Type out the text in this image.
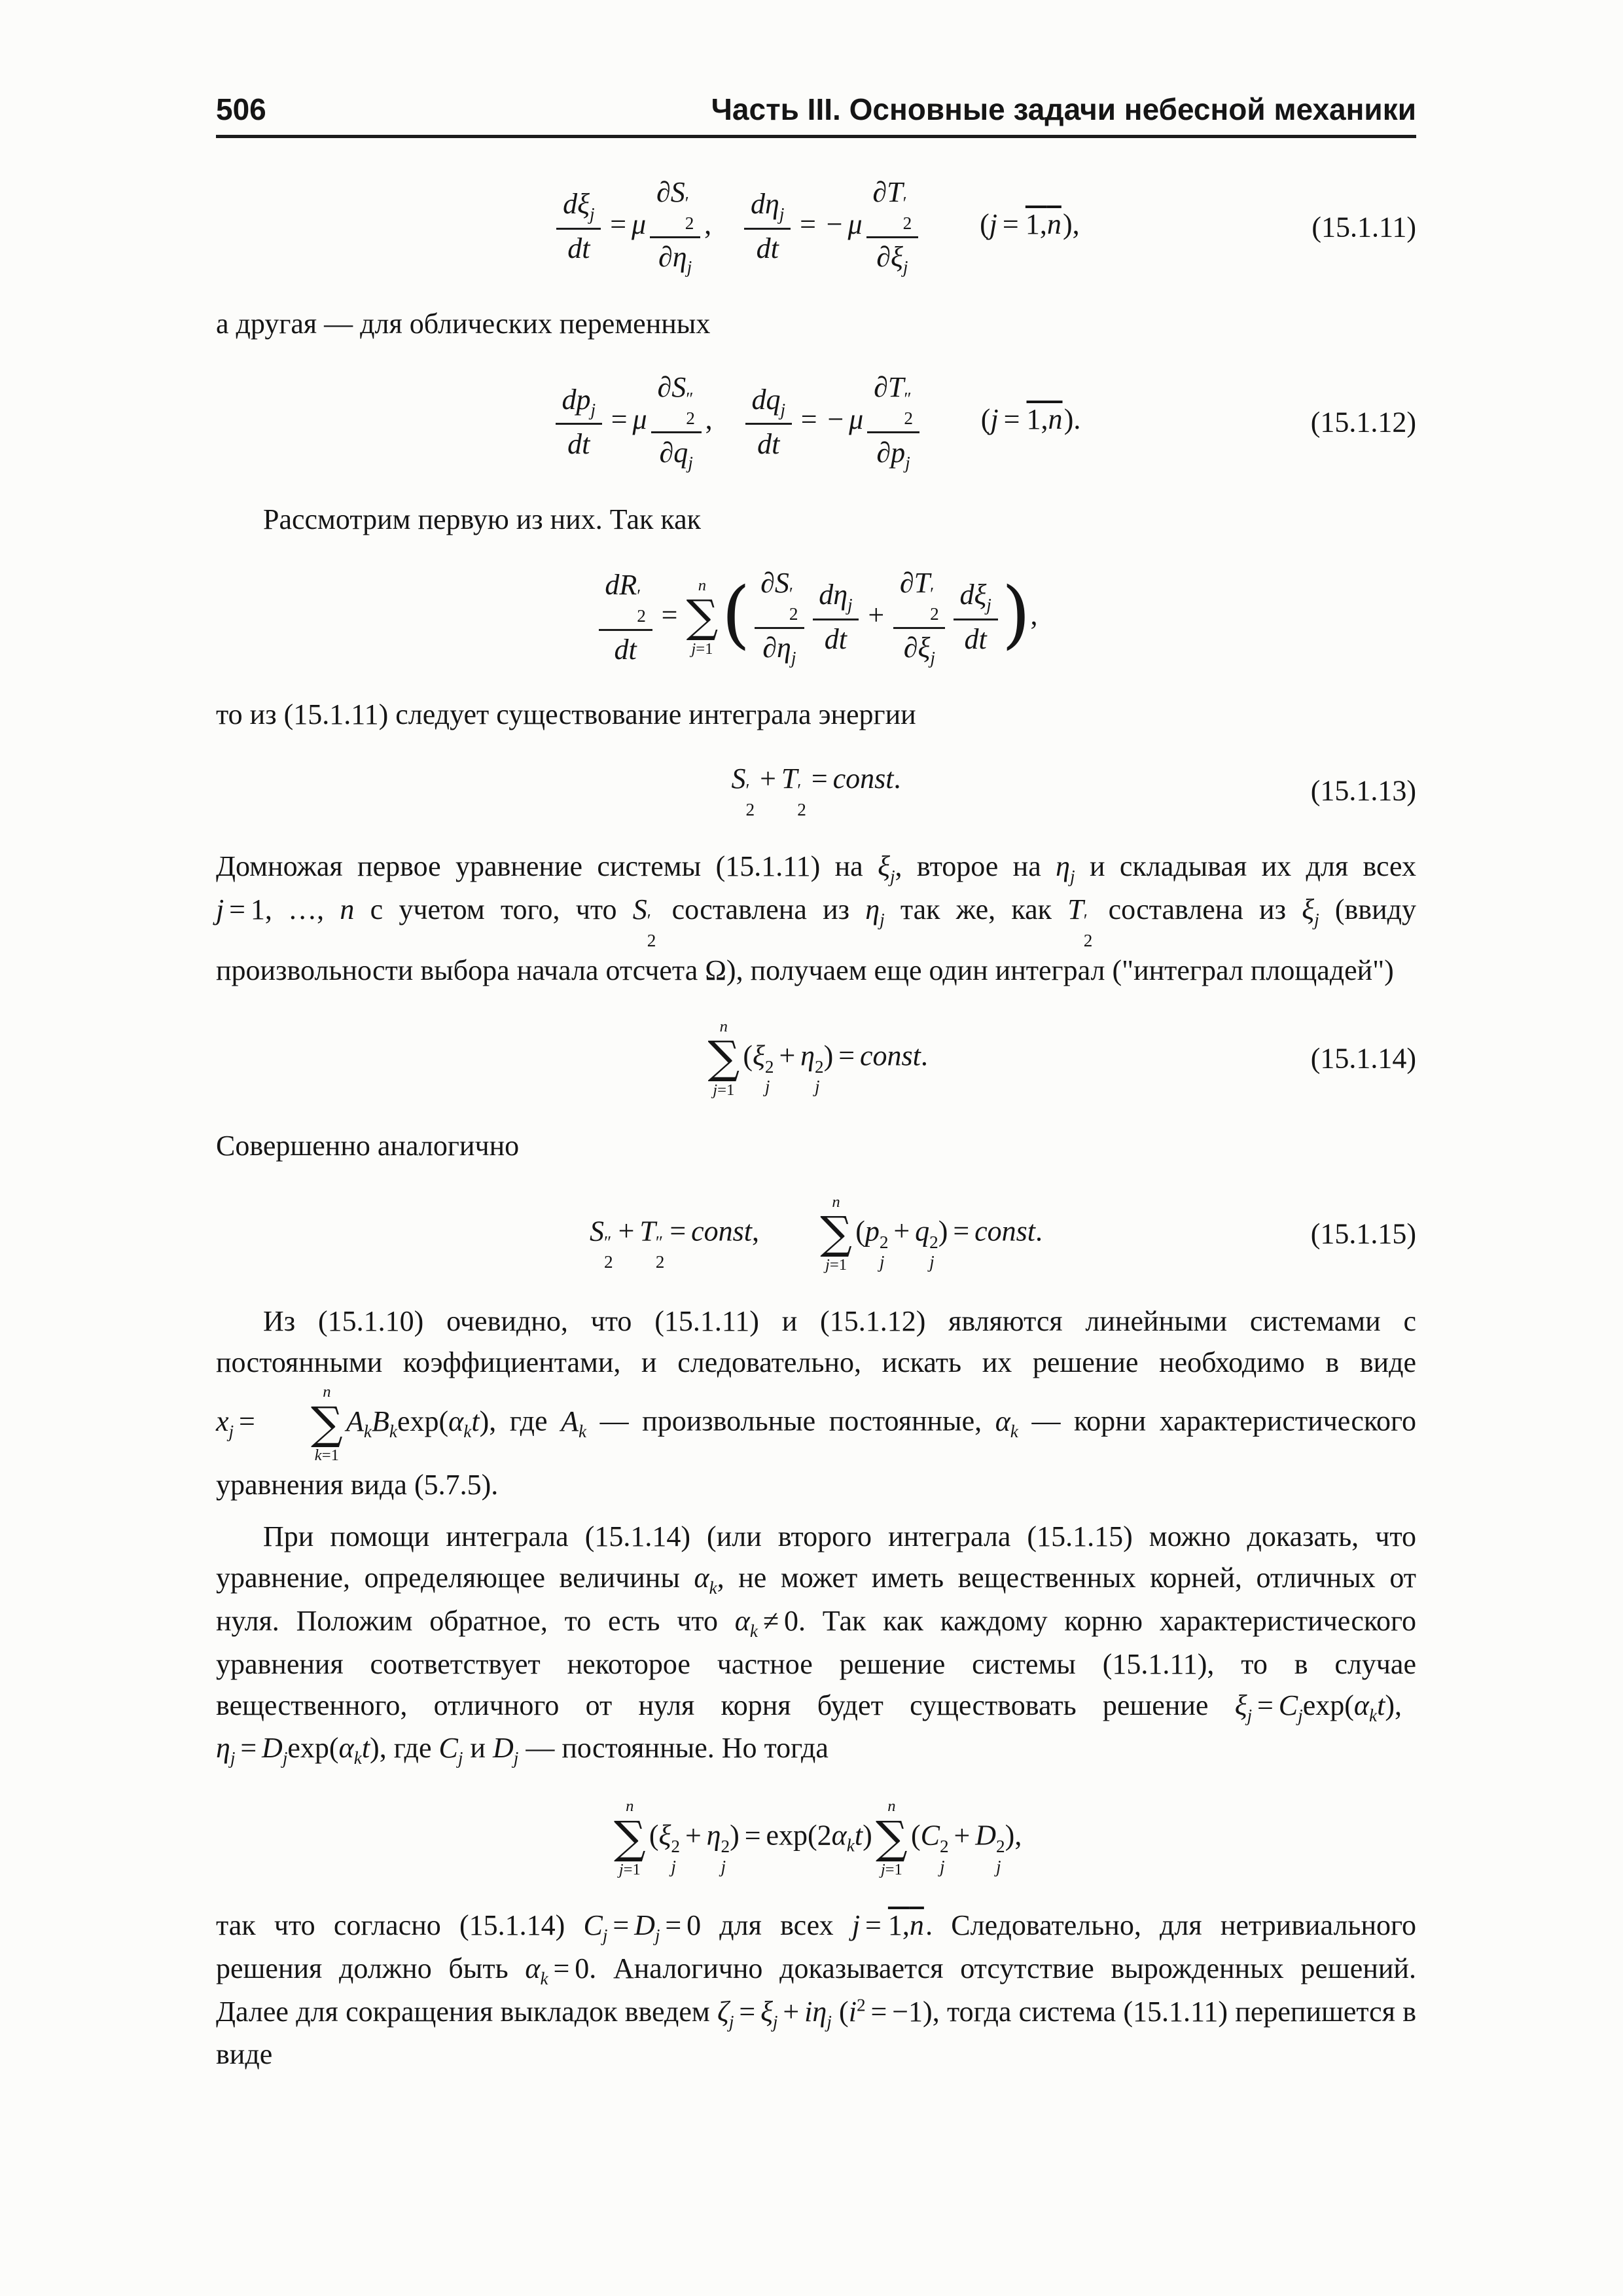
506	Часть III. Основные задачи небесной механики
$d\xi_j$
dt
= μ ∂S ′
2
$\partial\eta_j$ , 
$d\eta_j$
dt
= − μ ∂T ′
2
$\partial\xi_j$
   (j = 1,n),	(15.1.11)

а другая — для облических переменных

$dp_j$
dt
= μ ∂S ″
2
$\partial q_j$ , 
$dq_j$
dt
= − μ ∂T ″
2
$\partial p_j$
   (j = 1,n).	(15.1.12)

Рассмотрим первую из них. Так как

dR ′
2
dt =
n
∑
j=1 ( ∂S ′
2
$\partial\eta_j$ $d\eta_j$
dt
+ ∂T ′
2
$\partial\xi_j$ $d\xi_j$
dt ),

то из (15.1.11) следует существование интеграла энергии

S ′
2
+ T ′
2
= const.	(15.1.13)

Домножая первое уравнение системы (15.1.11) на $\xi_j$, второе на $\eta_j$ и складывая их для всех j = 1, …, n с учетом того, что S ′
2
составлена из $\eta_j$ так же, как T ′
2
составлена из $\xi_j$ (ввиду произвольности выбора начала отсчета Ω), получаем еще один интеграл ("интеграл площадей")

n
∑
j=1
(ξ 2
j
+ η 2
j
) = const.	(15.1.14)

Совершенно аналогично

S ″
2
+ T ″
2
= const,  
n
∑
j=1
(p 2
j
+ q 2
j
) = const.	(15.1.15)

Из (15.1.10) очевидно, что (15.1.11) и (15.1.12) являются линейными системами с постоянными коэффициентами, и следовательно, искать их решение необходимо в виде $x_j$ =
n
∑
k=1
$A_kB_k\exp(\alpha_kt)$, где $A_k$ — произвольные постоянные, $\alpha_k$ — корни характеристического уравнения вида (5.7.5).

При помощи интеграла (15.1.14) (или второго интеграла (15.1.15) можно доказать, что уравнение, определяющее величины $\alpha_k$, не может иметь вещественных корней, отличных от нуля. Положим обратное, то есть что $\alpha_k \ne 0$. Так как каждому корню характеристического уравнения соответствует некоторое частное решение системы (15.1.11), то в случае вещественного, отличного от нуля корня будет существовать решение $\xi_j = C_j\exp(\alpha_kt)$, $\eta_j = D_j\exp(\alpha_kt)$, где $C_j$ и $D_j$ — постоянные. Но тогда

n
∑
j=1
(ξ 2
j
+ η 2
j
) = $\exp(2\alpha_kt)$
n
∑
j=1
(C 2
j
+ D 2
j
),

так что согласно (15.1.14) $C_j = D_j = 0$ для всех j = 1,n. Следовательно, для нетривиального решения должно быть $\alpha_k = 0$. Аналогично доказывается отсутствие вырожденных решений. Далее для сокращения выкладок введем $\zeta_j = \xi_j + i\eta_j$ $(i^2 = -1)$, тогда система (15.1.11) перепишется в виде
